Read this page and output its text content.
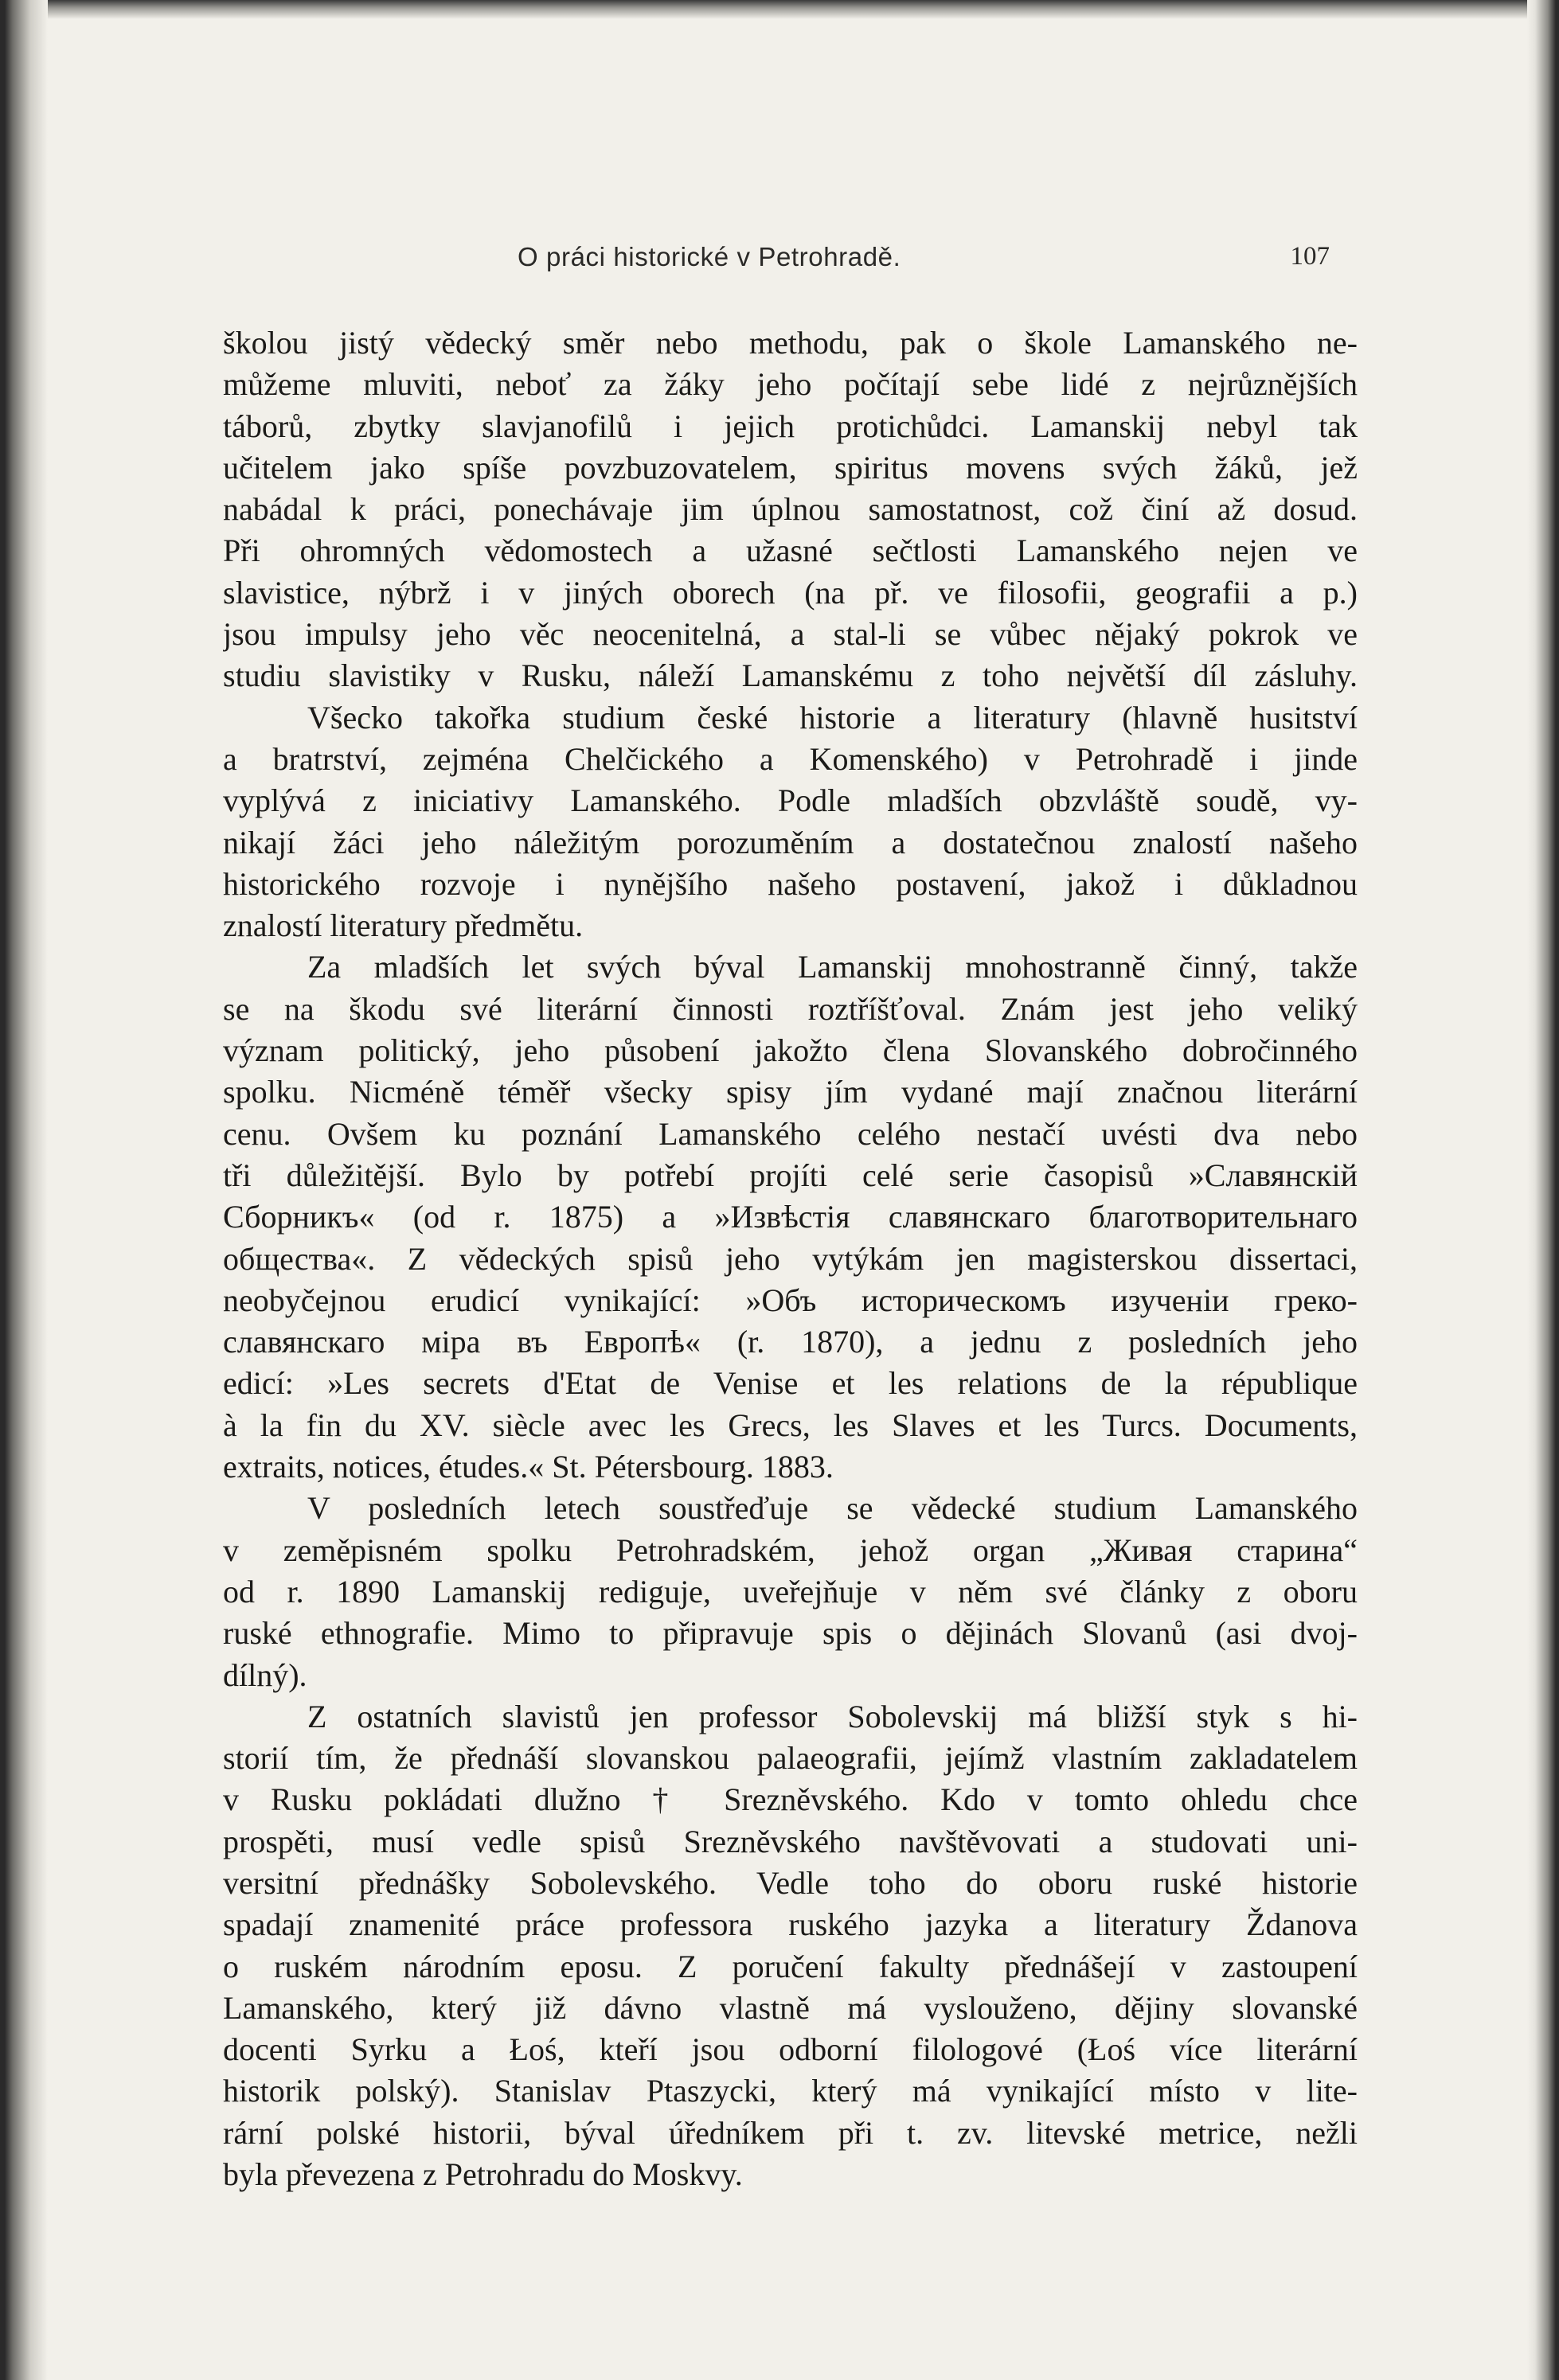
O práci historické v Petrohradě.	107
školou jistý vědecký směr nebo methodu, pak o škole Lamanského ne-
můžeme mluviti, neboť za žáky jeho počítají sebe lidé z nejrůznějších
táborů, zbytky slavjanofilů i jejich protichůdci. Lamanskij nebyl tak
učitelem jako spíše povzbuzovatelem, spiritus movens svých žáků, jež
nabádal k práci, ponechávaje jim úplnou samostatnost, což činí až dosud.
Při ohromných vědomostech a užasné sečtlosti Lamanského nejen ve
slavistice, nýbrž i v jiných oborech (na př. ve filosofii, geografii a p.)
jsou impulsy jeho věc neocenitelná, a stal-li se vůbec nějaký pokrok ve
studiu slavistiky v Rusku, náleží Lamanskému z toho největší díl zásluhy.
Všecko takořka studium české historie a literatury (hlavně husitství
a bratrství, zejména Chelčického a Komenského) v Petrohradě i jinde
vyplývá z iniciativy Lamanského. Podle mladších obzvláště soudě, vy-
nikají žáci jeho náležitým porozuměním a dostatečnou znalostí našeho
historického rozvoje i nynějšího našeho postavení, jakož i důkladnou
znalostí literatury předmětu.
Za mladších let svých býval Lamanskij mnohostranně činný, takže
se na škodu své literární činnosti roztříšťoval. Znám jest jeho veliký
význam politický, jeho působení jakožto člena Slovanského dobročinného
spolku. Nicméně téměř všecky spisy jím vydané mají značnou literární
cenu. Ovšem ku poznání Lamanského celého nestačí uvésti dva nebo
tři důležitější. Bylo by potřebí projíti celé serie časopisů »Славянскій
Сборникъ« (od r. 1875) a »Извѣстія славянскаго благотворительнаго
общества«. Z vědeckých spisů jeho vytýkám jen magisterskou dissertaci,
neobyčejnou erudicí vynikající: »Объ историческомъ изученіи греко-
славянскаго міра въ Европѣ« (r. 1870), a jednu z posledních jeho
edicí: »Les secrets d'Etat de Venise et les relations de la république
à la fin du XV. siècle avec les Grecs, les Slaves et les Turcs. Documents,
extraits, notices, études.« St. Pétersbourg. 1883.
V posledních letech soustřeďuje se vědecké studium Lamanského
v zeměpisném spolku Petrohradském, jehož organ „Живая старина“
od r. 1890 Lamanskij rediguje, uveřejňuje v něm své články z oboru
ruské ethnografie. Mimo to připravuje spis o dějinách Slovanů (asi dvoj-
dílný).
Z ostatních slavistů jen professor Sobolevskij má bližší styk s hi-
storií tím, že přednáší slovanskou palaeografii, jejímž vlastním zakladatelem
v Rusku pokládati dlužno † Srezněvského. Kdo v tomto ohledu chce
prospěti, musí vedle spisů Srezněvského navštěvovati a studovati uni-
versitní přednášky Sobolevského. Vedle toho do oboru ruské historie
spadají znamenité práce professora ruského jazyka a literatury Ždanova
o ruském národním eposu. Z poručení fakulty přednášejí v zastoupení
Lamanského, který již dávno vlastně má vyslouženo, dějiny slovanské
docenti Syrku a Łoś, kteří jsou odborní filologové (Łoś více literární
historik polský). Stanislav Ptaszycki, který má vynikající místo v lite-
rární polské historii, býval úředníkem při t. zv. litevské metrice, nežli
byla převezena z Petrohradu do Moskvy.
